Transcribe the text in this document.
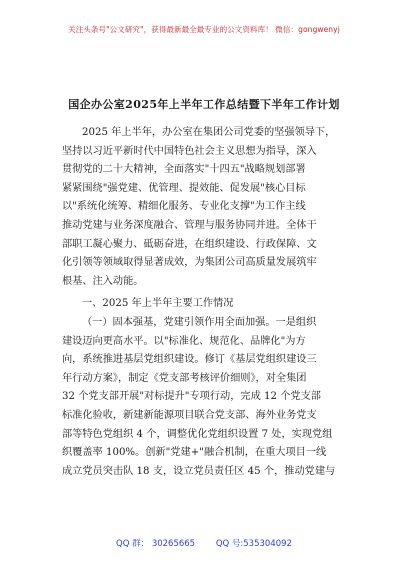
关注头条号"公文研究"，获得最新最全最专业的公文资料库！ 微信：gongwenyj
国企办公室2025年上半年工作总结暨下半年工作计划
2025 年上半年，办公室在集团公司党委的坚强领导下，
坚持以习近平新时代中国特色社会主义思想为指导，深入
贯彻党的二十大精神，全面落实"十四五"战略规划部署
紧紧围绕"强党建、优管理、提效能、促发展"核心目标
以"系统化统筹、精细化服务、专业化支撑"为工作主线
推动党建与业务深度融合、管理与服务协同并进。全体干
部职工凝心聚力、砥砺奋进，在组织建设、行政保障、文
化引领等领域取得显著成效，为集团公司高质量发展筑牢
根基、注入动能。
一、2025 年上半年主要工作情况
（一）固本强基，党建引领作用全面加强。一是组织
建设迈向更高水平。以"标准化、规范化、品牌化"为方
向，系统推进基层党组织建设。修订《基层党组织建设三
年行动方案》，制定《党支部考核评价细则》，对全集团
32 个党支部开展"对标提升"专项行动，完成 12 个党支部
标准化验收，新建新能源项目联合党支部、海外业务党支
部等特色党组织 4 个，调整优化党组织设置 7 处，实现党组
织覆盖率 100%。创新"党建+"融合机制，在重大项目一线
成立党员突击队 18 支，设立党员责任区 45 个，推动党建与
QQ 群： 30265665 QQ 号:535304092
